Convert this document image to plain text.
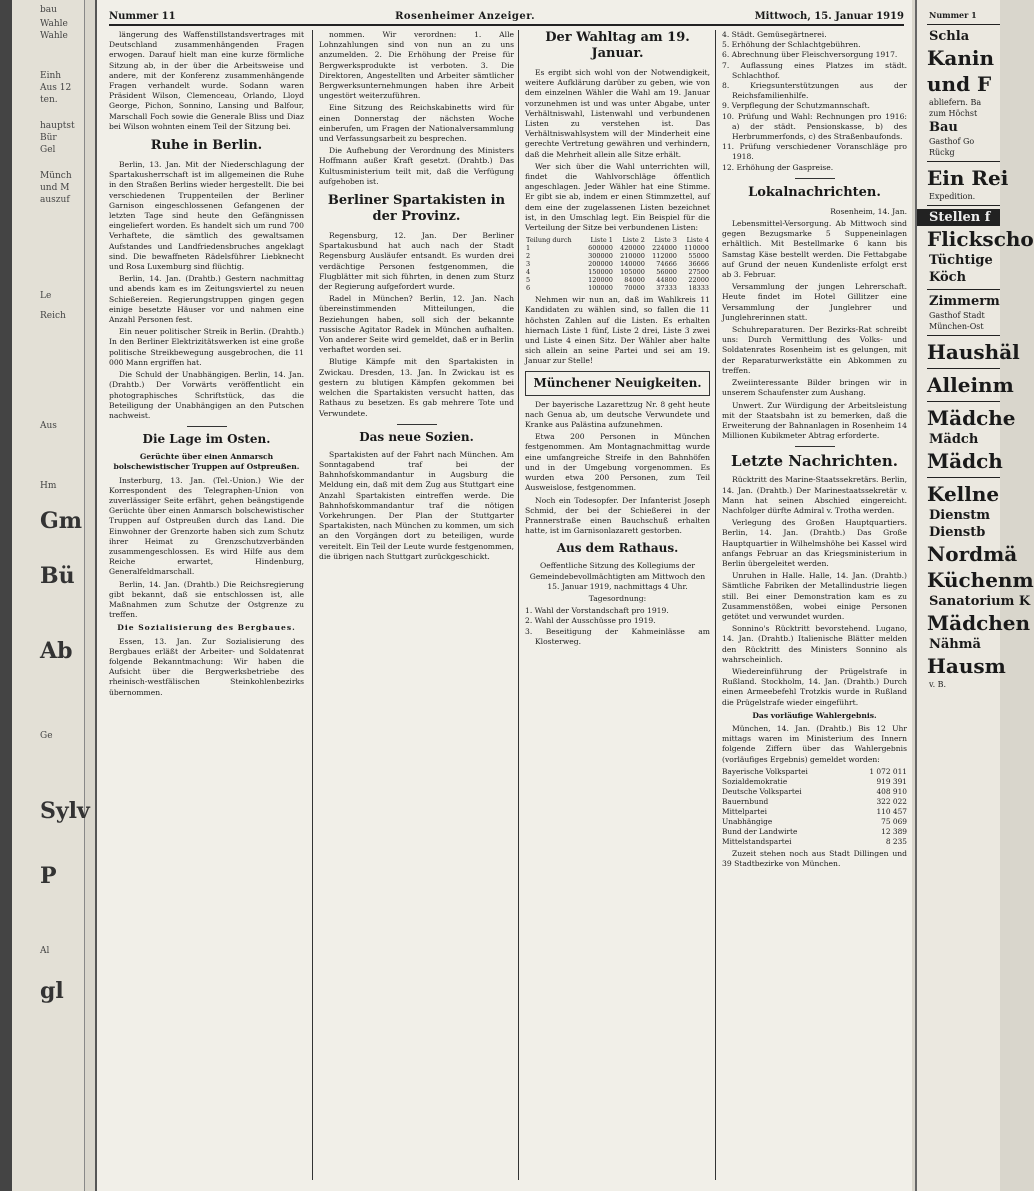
bau
Wahle
Wahle
Einh
Aus 12
ten.
hauptst
Bür
Gel
Münch
und M
auszuf
Le
Reich
Aus
Hm
Gm
Bü
Ab
Ge
Sylv
P
Al
gl
Nummer 11	Rosenheimer Anzeiger.	Mittwoch, 15. Januar 1919

längerung des Waffenstillstandsvertrages mit Deutschland zusammenhängenden Fragen erwogen. Darauf hielt man eine kurze förmliche Sitzung ab, in der über die Arbeitsweise und andere, mit der Konferenz zusammenhängende Fragen verhandelt wurde. Sodann waren Präsident Wilson, Clemenceau, Orlando, Lloyd George, Pichon, Sonnino, Lansing und Balfour, Marschall Foch sowie die Generale Bliss und Diaz bei Wilson wohnten einem Teil der Sitzung bei.

Ruhe in Berlin.

Berlin, 13. Jan. Mit der Niederschlagung der Spartakusherrschaft ist im allgemeinen die Ruhe in den Straßen Berlins wieder hergestellt. Die bei verschiedenen Truppenteilen der Berliner Garnison eingeschlossenen Gefangenen der letzten Tage sind heute den Gefängnissen eingeliefert worden. Es handelt sich um rund 700 Verhaftete, die sämtlich des gewaltsamen Aufstandes und Landfriedensbruches angeklagt sind. Die bewaffneten Rädelsführer Liebknecht und Rosa Luxemburg sind flüchtig.

Berlin, 14. Jan. (Drahtb.) Gestern nachmittag und abends kam es im Zeitungsviertel zu neuen Schießereien. Regierungstruppen gingen gegen einige besetzte Häuser vor und nahmen eine Anzahl Personen fest.

Ein neuer politischer Streik in Berlin. (Drahtb.) In den Berliner Elektrizitätswerken ist eine große politische Streikbewegung ausgebrochen, die 11 000 Mann ergriffen hat.

Die Schuld der Unabhängigen. Berlin, 14. Jan. (Drahtb.) Der Vorwärts veröffentlicht ein photographisches Schriftstück, das die Beteiligung der Unabhängigen an den Putschen nachweist.

Die Lage im Osten.

Gerüchte über einen Anmarsch bolschewistischer Truppen auf Ostpreußen.

Insterburg, 13. Jan. (Tel.-Union.) Wie der Korrespondent des Telegraphen-Union von zuverlässiger Seite erfährt, gehen beängstigende Gerüchte über einen Anmarsch bolschewistischer Truppen auf Ostpreußen durch das Land. Die Einwohner der Grenzorte haben sich zum Schutz ihrer Heimat zu Grenzschutzverbänden zusammengeschlossen. Es wird Hilfe aus dem Reiche erwartet, Hindenburg, Generalfeldmarschall.

Berlin, 14. Jan. (Drahtb.) Die Reichsregierung gibt bekannt, daß sie entschlossen ist, alle Maßnahmen zum Schutze der Ostgrenze zu treffen.

Die Sozialisierung des Bergbaues.

Essen, 13. Jan. Zur Sozialisierung des Bergbaues erläßt der Arbeiter- und Soldatenrat folgende Bekanntmachung: Wir haben die Aufsicht über die Bergwerksbetriebe des rheinisch-westfälischen Steinkohlenbezirks übernommen.

nommen. Wir verordnen: 1. Alle Lohnzahlungen sind von nun an zu uns anzumelden. 2. Die Erhöhung der Preise für Bergwerksprodukte ist verboten. 3. Die Direktoren, Angestellten und Arbeiter sämtlicher Bergwerksunternehmungen haben ihre Arbeit ungestört weiterzuführen.

Eine Sitzung des Reichskabinetts wird für einen Donnerstag der nächsten Woche einberufen, um Fragen der Nationalversammlung und Verfassungsarbeit zu besprechen.

Die Aufhebung der Verordnung des Ministers Hoffmann außer Kraft gesetzt. (Drahtb.) Das Kultusministerium teilt mit, daß die Verfügung aufgehoben ist.

Berliner Spartakisten in der Provinz.

Regensburg, 12. Jan. Der Berliner Spartakusbund hat auch nach der Stadt Regensburg Ausläufer entsandt. Es wurden drei verdächtige Personen festgenommen, die Flugblätter mit sich führten, in denen zum Sturz der Regierung aufgefordert wurde.

Radel in München? Berlin, 12. Jan. Nach übereinstimmenden Mitteilungen, die Beziehungen haben, soll sich der bekannte russische Agitator Radek in München aufhalten. Von anderer Seite wird gemeldet, daß er in Berlin verhaftet worden sei.

Blutige Kämpfe mit den Spartakisten in Zwickau. Dresden, 13. Jan. In Zwickau ist es gestern zu blutigen Kämpfen gekommen bei welchen die Spartakisten versucht hatten, das Rathaus zu besetzen. Es gab mehrere Tote und Verwundete.

Das neue Sozien.

Spartakisten auf der Fahrt nach München. Am Sonntagabend traf bei der Bahnhofskommandantur in Augsburg die Meldung ein, daß mit dem Zug aus Stuttgart eine Anzahl Spartakisten eintreffen werde. Die Bahnhofskommandantur traf die nötigen Vorkehrungen. Der Plan der Stuttgarter Spartakisten, nach München zu kommen, um sich an den Vorgängen dort zu beteiligen, wurde vereitelt. Ein Teil der Leute wurde festgenommen, die übrigen nach Stuttgart zurückgeschickt.

Der Wahltag am 19. Januar.

Es ergibt sich wohl von der Notwendigkeit, weitere Aufklärung darüber zu geben, wie von dem einzelnen Wähler die Wahl am 19. Januar vorzunehmen ist und was unter Abgabe, unter Verhältniswahl, Listenwahl und verbundenen Listen zu verstehen ist. Das Verhältniswahlsystem will der Minderheit eine gerechte Vertretung gewähren und verhindern, daß die Mehrheit allein alle Sitze erhält.

Wer sich über die Wahl unterrichten will, findet die Wahlvorschläge öffentlich angeschlagen. Jeder Wähler hat eine Stimme. Er gibt sie ab, indem er einen Stimmzettel, auf dem eine der zugelassenen Listen bezeichnet ist, in den Umschlag legt. Ein Beispiel für die Verteilung der Sitze bei verbundenen Listen:

Teilung durch	Liste 1	Liste 2	Liste 3	Liste 4
1	600000	420000	224000	110000
2	300000	210000	112000	55000
3	200000	140000	74666	36666
4	150000	105000	56000	27500
5	120000	84000	44800	22000
6	100000	70000	37333	18333

Nehmen wir nun an, daß im Wahlkreis 11 Kandidaten zu wählen sind, so fallen die 11 höchsten Zahlen auf die Listen. Es erhalten hiernach Liste 1 fünf, Liste 2 drei, Liste 3 zwei und Liste 4 einen Sitz. Der Wähler aber halte sich allein an seine Partei und sei am 19. Januar zur Stelle!

Münchener Neuigkeiten.

Der bayerische Lazarettzug Nr. 8 geht heute nach Genua ab, um deutsche Verwundete und Kranke aus Palästina aufzunehmen.

Etwa 200 Personen in München festgenommen. Am Montagnachmittag wurde eine umfangreiche Streife in den Bahnhöfen und in der Umgebung vorgenommen. Es wurden etwa 200 Personen, zum Teil Ausweislose, festgenommen.

Noch ein Todesopfer. Der Infanterist Joseph Schmid, der bei der Schießerei in der Prannerstraße einen Bauchschuß erhalten hatte, ist im Garnisonlazarett gestorben.

Aus dem Rathaus.

Oeffentliche Sitzung des Kollegiums der Gemeindebevollmächtigten am Mittwoch den 15. Januar 1919, nachmittags 4 Uhr.

Tagesordnung:

1. Wahl der Vorstandschaft pro 1919.
2. Wahl der Ausschüsse pro 1919.
3. Beseitigung der Kahmeinlässe am Klosterweg.
4. Städt. Gemüsegärtnerei.
5. Erhöhung der Schlachtgebühren.
6. Abrechnung über Fleischversorgung 1917.
7. Auflassung eines Platzes im städt. Schlachthof.
8. Kriegsunterstützungen aus der Reichsfamilienhilfe.
9. Verpflegung der Schutzmannschaft.
10. Prüfung und Wahl: Rechnungen pro 1916: a) der städt. Pensionskasse, b) des Herbrummerfonds, c) des Straßenbaufonds.
11. Prüfung verschiedener Voranschläge pro 1918.
12. Erhöhung der Gaspreise.
Lokalnachrichten.

Rosenheim, 14. Jan.

Lebensmittel-Versorgung. Ab Mittwoch sind gegen Bezugsmarke 5 Suppeneinlagen erhältlich. Mit Bestellmarke 6 kann bis Samstag Käse bestellt werden. Die Fettabgabe auf Grund der neuen Kundenliste erfolgt erst ab 3. Februar.

Versammlung der jungen Lehrerschaft. Heute findet im Hotel Gillitzer eine Versammlung der Junglehrer und Junglehrerinnen statt.

Schuhreparaturen. Der Bezirks-Rat schreibt uns: Durch Vermittlung des Volks- und Soldatenrates Rosenheim ist es gelungen, mit der Reparaturwerkstätte ein Abkommen zu treffen.

Zweiinteressante Bilder bringen wir in unserem Schaufenster zum Aushang.

Unwert. Zur Würdigung der Arbeitsleistung mit der Staatsbahn ist zu bemerken, daß die Erweiterung der Bahnanlagen in Rosenheim 14 Millionen Kubikmeter Abtrag erforderte.

Letzte Nachrichten.

Rücktritt des Marine-Staatssekretärs. Berlin, 14. Jan. (Drahtb.) Der Marinestaatssekretär v. Mann hat seinen Abschied eingereicht. Nachfolger dürfte Admiral v. Trotha werden.

Verlegung des Großen Hauptquartiers. Berlin, 14. Jan. (Drahtb.) Das Große Hauptquartier in Wilhelmshöhe bei Kassel wird anfangs Februar an das Kriegsministerium in Berlin übergeleitet werden.

Unruhen in Halle. Halle, 14. Jan. (Drahtb.) Sämtliche Fabriken der Metallindustrie liegen still. Bei einer Demonstration kam es zu Zusammenstößen, wobei einige Personen getötet und verwundet wurden.

Sonnino's Rücktritt bevorstehend. Lugano, 14. Jan. (Drahtb.) Italienische Blätter melden den Rücktritt des Ministers Sonnino als wahrscheinlich.

Wiedereinführung der Prügelstrafe in Rußland. Stockholm, 14. Jan. (Drahtb.) Durch einen Armeebefehl Trotzkis wurde in Rußland die Prügelstrafe wieder eingeführt.

Das vorläufige Wahlergebnis.

München, 14. Jan. (Drahtb.) Bis 12 Uhr mittags waren im Ministerium des Innern folgende Ziffern über das Wahlergebnis (vorläufiges Ergebnis) gemeldet worden:

Bayerische Volkspartei	1 072 011
Sozialdemokratie	919 391
Deutsche Volkspartei	408 910
Bauernbund	322 022
Mittelpartei	110 457
Unabhängige	75 069
Bund der Landwirte	12 389
Mittelstandspartei	8 235

Zuzeit stehen noch aus Stadt Dillingen und 39 Stadtbezirke von München.

Nummer 1
Schla
Kanin
und F
abliefern. Ba
zum Höchst
Bau
Gasthof Go
Rückg
Ein Rei
Expedition.
Stellen f
Flickscho
Tüchtige
Köch
Zimmerm
Gasthof Stadt
München-Ost
Haushäl
Alleinm
Mädche
Mädch
Mädch
Kellne
Dienstm
Dienstb
Nordmä
Küchenm
Sanatorium K
Mädchen
Nähmä
Hausm
v. B.
